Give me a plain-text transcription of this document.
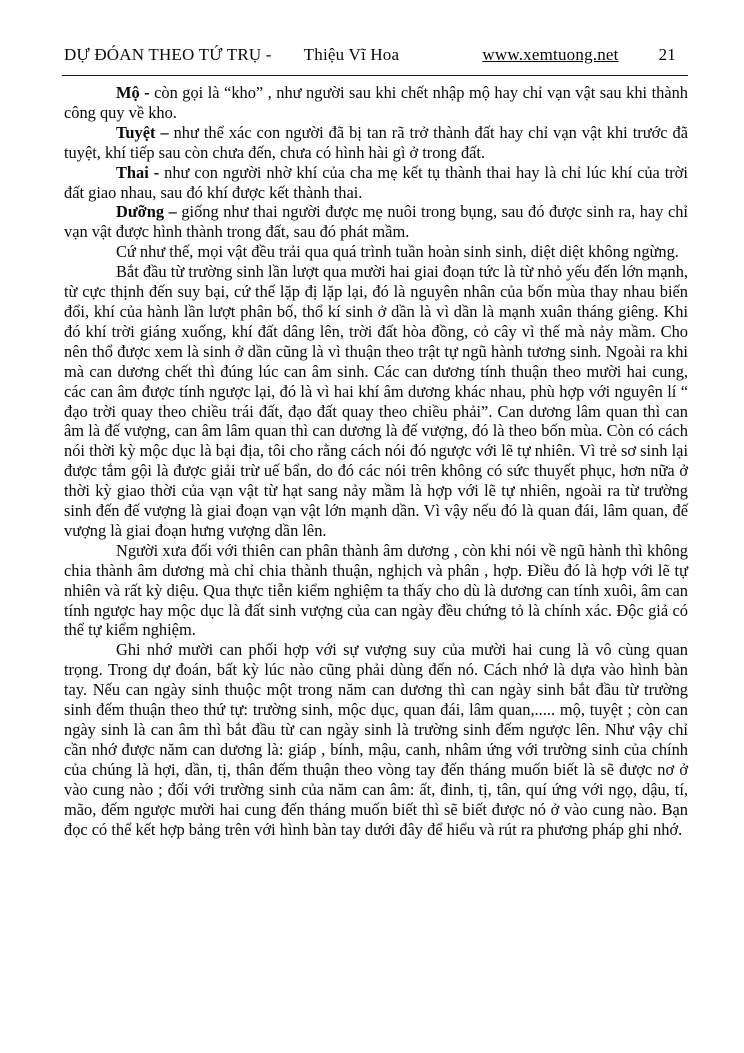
DỰ ĐÓAN THEO TỨ TRỤ - Thiệu Vĩ Hoa	www.xemtuong.net 21

Mộ - còn gọi là “kho” , như người sau khi chết nhập mộ hay chỉ vạn vật sau khi thành công quy về kho.

Tuyệt – như thể xác con người đã bị tan rã trở thành đất hay chỉ vạn vật khi trước đã tuyệt, khí tiếp sau còn chưa đến, chưa có hình hài gì ở trong đất.

Thai - như con người nhờ khí của cha mẹ kết tụ thành thai hay là chỉ lúc khí của trời đất giao nhau, sau đó khí được kết thành thai.

Dưỡng – giống như thai người được mẹ nuôi trong bụng, sau đó được sinh ra, hay chỉ vạn vật được hình thành trong đất, sau đó phát mầm.

Cứ như thế, mọi vật đều trải qua quá trình tuần hoàn sinh sinh, diệt diệt không ngừng.

Bắt đầu từ trường sinh lần lượt qua mười hai giai đoạn tức là từ nhỏ yếu đến lớn mạnh, từ cực thịnh đến suy bại, cứ thế lặp đị lặp lại, đó là nguyên nhân của bốn mùa thay nhau biến đổi, khí của hành lần lượt phân bố, thổ kí sinh ở dần là vì dần là mạnh xuân tháng giêng. Khi đó khí trời giáng xuống, khí đất dâng lên, trời đất hòa đồng, cỏ cây vì thế mà nảy mầm. Cho nên thổ được xem là sinh ở dần cũng là vì thuận theo trật tự ngũ hành tương sinh. Ngoài ra khi mà can dương chết thì đúng lúc can âm sinh. Các can dương tính thuận theo mười hai cung, các can âm được tính ngược lại, đó là vì hai khí âm dương khác nhau, phù hợp với nguyên lí “ đạo trời quay theo chiều trái đất, đạo đất quay theo chiều phải”. Can dương lâm quan thì can âm là đế vượng, can âm lâm quan thì can dương là đế vượng, đó là theo bốn mùa. Còn có cách nói thời kỳ mộc dục là bại địa, tôi cho rằng cách nói đó ngược với lẽ tự nhiên. Vì trẻ sơ sinh lại được tắm gội là được giải trừ uế bẩn, do đó các nói trên không có sức thuyết phục, hơn nữa ở thời kỳ giao thời của vạn vật từ hạt sang nảy mầm là hợp với lẽ tự nhiên, ngoài ra từ trường sinh đến đế vượng là giai đoạn vạn vật lớn mạnh dần. Vì vậy nếu đó là quan đái, lâm quan, đế vượng là giai đoạn hưng vượng dần lên.

Người xưa đối với thiên can phân thành âm dương , còn khi nói về ngũ hành thì không chia thành âm dương mà chỉ chia thành thuận, nghịch và phân , hợp. Điều đó là hợp với lẽ tự nhiên và rất kỳ diệu. Qua thực tiễn kiểm nghiệm ta thấy cho dù là dương can tính xuôi, âm can tính ngược hay mộc dục là đất sinh vượng của can ngày đều chứng tỏ là chính xác. Độc giả có thể tự kiểm nghiệm.

Ghi nhớ mười can phối hợp với sự vượng suy của mười hai cung là vô cùng quan trọng. Trong dự đoán, bất kỳ lúc nào cũng phải dùng đến nó. Cách nhớ là dựa vào hình bàn tay. Nếu can ngày sinh thuộc một trong năm can dương thì can ngày sinh bắt đầu từ trường sinh đếm thuận theo thứ tự: trường sinh, mộc dục, quan đái, lâm quan,..... mộ, tuyệt ; còn can ngày sinh là can âm thì bắt đầu từ can ngày sinh là trường sinh đếm ngược lên. Như vậy chỉ cần nhớ được năm can dương là: giáp , bính, mậu, canh, nhâm ứng với trường sinh của chính của chúng là hợi, dần, tị, thân đếm thuận theo vòng tay đến tháng muốn biết là sẽ được nơ ở vào cung nào ; đối với trường sinh của năm can âm: ất, đinh, tị, tân, quí ứng với ngọ, dậu, tí, mão, đếm ngược mười hai cung đến tháng muốn biết thì sẽ biết được nó ở vào cung nào. Bạn đọc có thể kết hợp bảng trên với hình bàn tay dưới đây để hiểu và rút ra phương pháp ghi nhớ.
